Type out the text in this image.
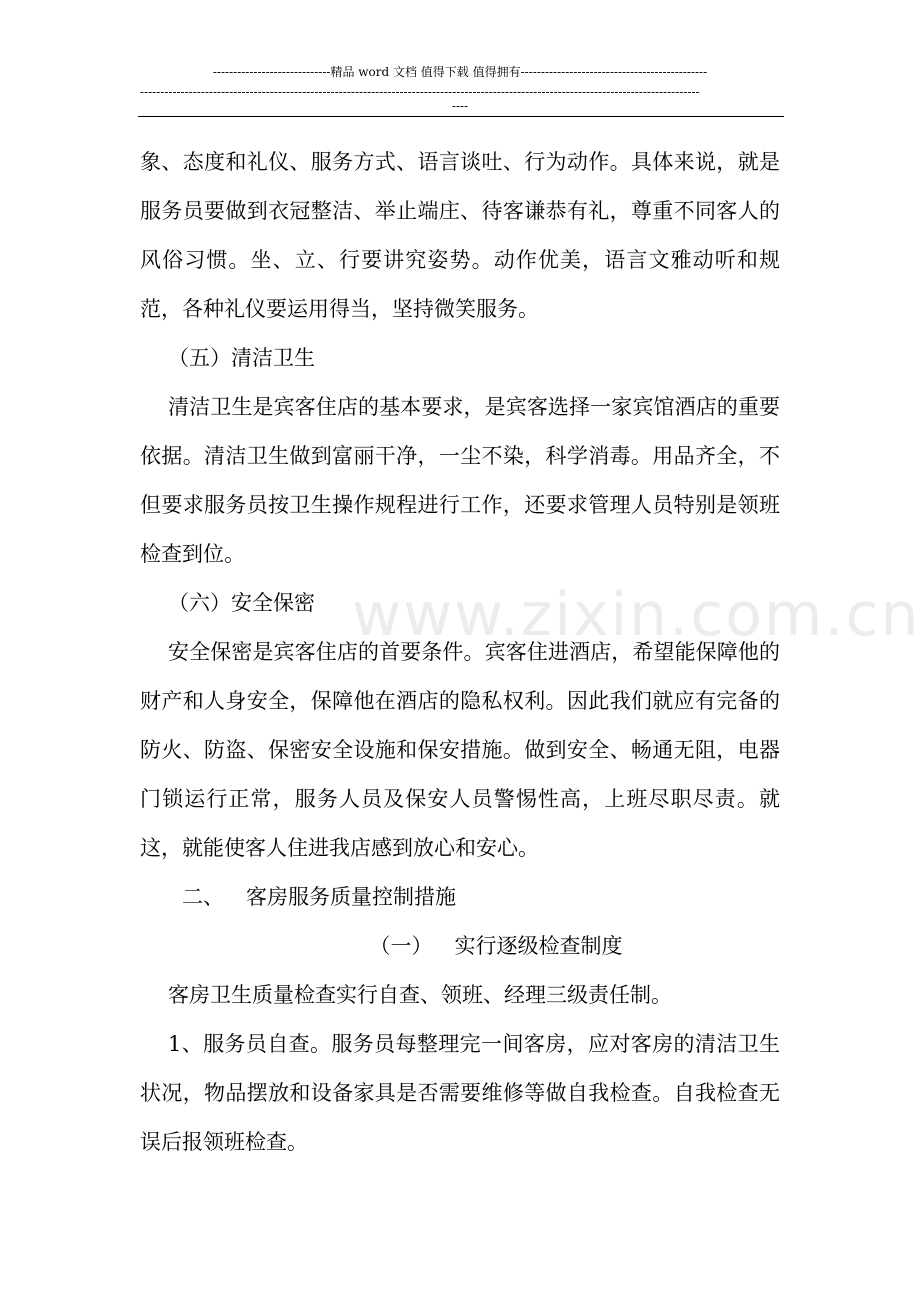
-----------------------------精品 word 文档 值得下载 值得拥有----------------------------------------------
------------------------------------------------------------------------------------------------------------------------------------------
----
www.zixin.com.cn

象、态度和礼仪、服务方式、语言谈吐、行为动作。具体来说，就是服务员要做到衣冠整洁、举止端庄、待客谦恭有礼，尊重不同客人的风俗习惯。坐、立、行要讲究姿势。动作优美，语言文雅动听和规范，各种礼仪要运用得当，坚持微笑服务。

（五）清洁卫生

清洁卫生是宾客住店的基本要求，是宾客选择一家宾馆酒店的重要依据。清洁卫生做到富丽干净，一尘不染，科学消毒。用品齐全，不但要求服务员按卫生操作规程进行工作，还要求管理人员特别是领班检查到位。

（六）安全保密

安全保密是宾客住店的首要条件。宾客住进酒店，希望能保障他的财产和人身安全，保障他在酒店的隐私权利。因此我们就应有完备的防火、防盗、保密安全设施和保安措施。做到安全、畅通无阻，电器门锁运行正常，服务人员及保安人员警惕性高，上班尽职尽责。就这，就能使客人住进我店感到放心和安心。

二、 客房服务质量控制措施

（一） 实行逐级检查制度

客房卫生质量检查实行自查、领班、经理三级责任制。

1、服务员自查。服务员每整理完一间客房，应对客房的清洁卫生状况，物品摆放和设备家具是否需要维修等做自我检查。自我检查无误后报领班检查。
